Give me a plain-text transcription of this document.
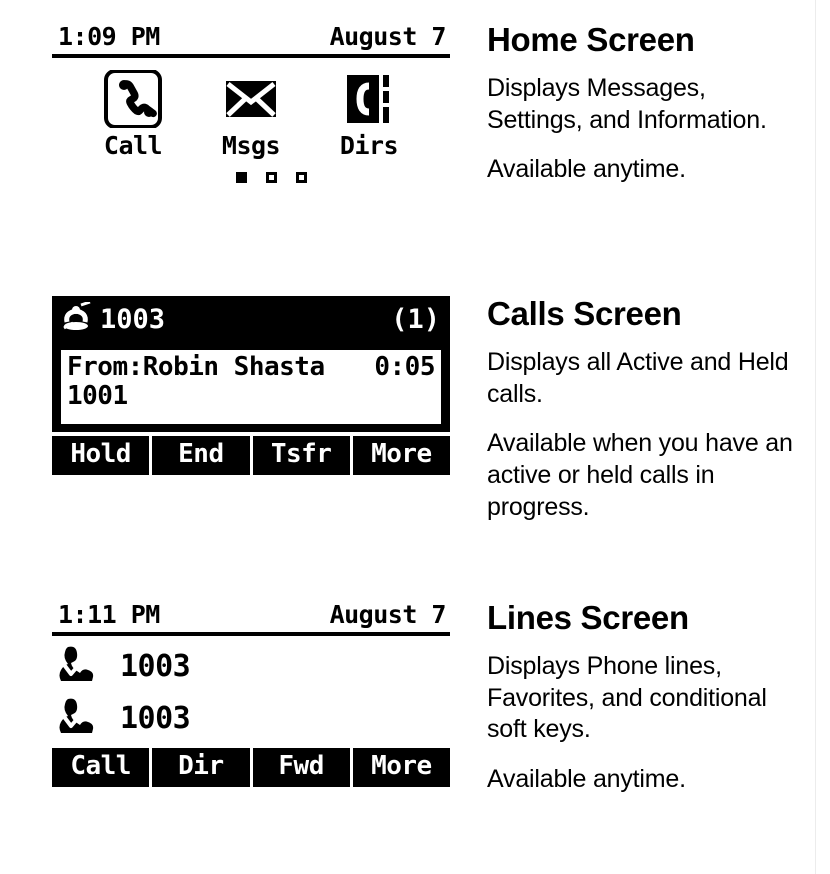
1:09 PM	August 7
Call Msgs Dirs
Home Screen

Displays Messages, Settings, and Information.

Available anytime.

1003	(1)
From:Robin Shasta 0:05
1001
Hold	End	Tsfr	More
Calls Screen

Displays all Active and Held calls.

Available when you have an active or held calls in progress.

1:11 PM	August 7
1003
1003
Call	Dir	Fwd	More
Lines Screen

Displays Phone lines, Favorites, and conditional soft keys.

Available anytime.
